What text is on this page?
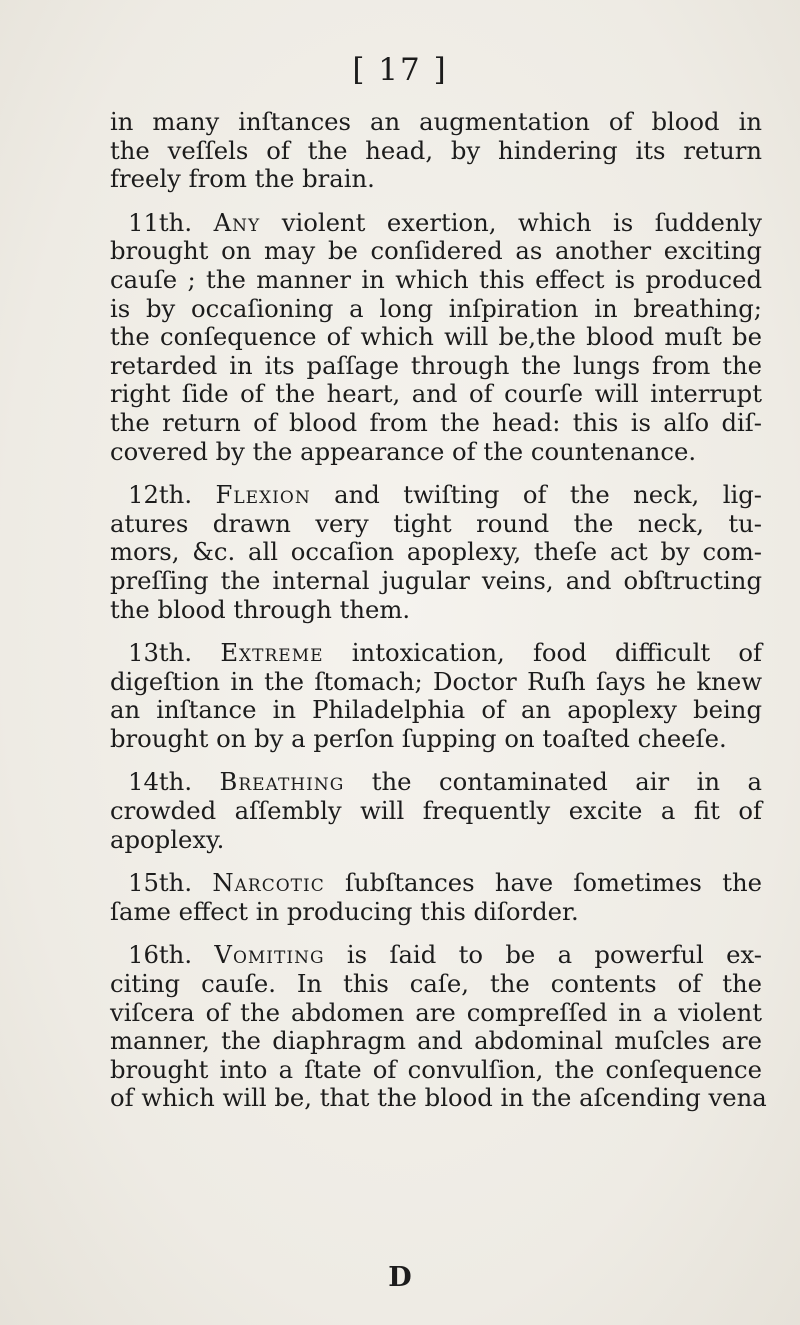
[ 17 ]
in many inſtances an augmentation of blood in
the veſſels of the head, by hindering its return
freely from the brain.
11th. Any violent exertion, which is ſuddenly
brought on may be conſidered as another exciting
cauſe ; the manner in which this effect is produced
is by occaſioning a long inſpiration in breathing;
the conſequence of which will be,the blood muſt be
retarded in its paſſage through the lungs from the
right ſide of the heart, and of courſe will interrupt
the return of blood from the head: this is alſo diſ-
covered by the appearance of the countenance.
12th. Flexion and twiſting of the neck, lig-
atures drawn very tight round the neck, tu-
mors, &c. all occaſion apoplexy, theſe act by com-
preſſing the internal jugular veins, and obſtructing
the blood through them.
13th. Extreme intoxication, food difficult of
digeſtion in the ſtomach; Doctor Ruſh ſays he knew
an inſtance in Philadelphia of an apoplexy being
brought on by a perſon ſupping on toaſted cheeſe.
14th. Breathing the contaminated air in a
crowded aſſembly will frequently excite a fit of
apoplexy.
15th. Narcotic ſubſtances have ſometimes the
ſame effect in producing this diſorder.
16th. Vomiting is ſaid to be a powerful ex-
citing cauſe. In this caſe, the contents of the
viſcera of the abdomen are compreſſed in a violent
manner, the diaphragm and abdominal muſcles are
brought into a ſtate of convulſion, the conſequence
of which will be, that the blood in the aſcending vena
D
